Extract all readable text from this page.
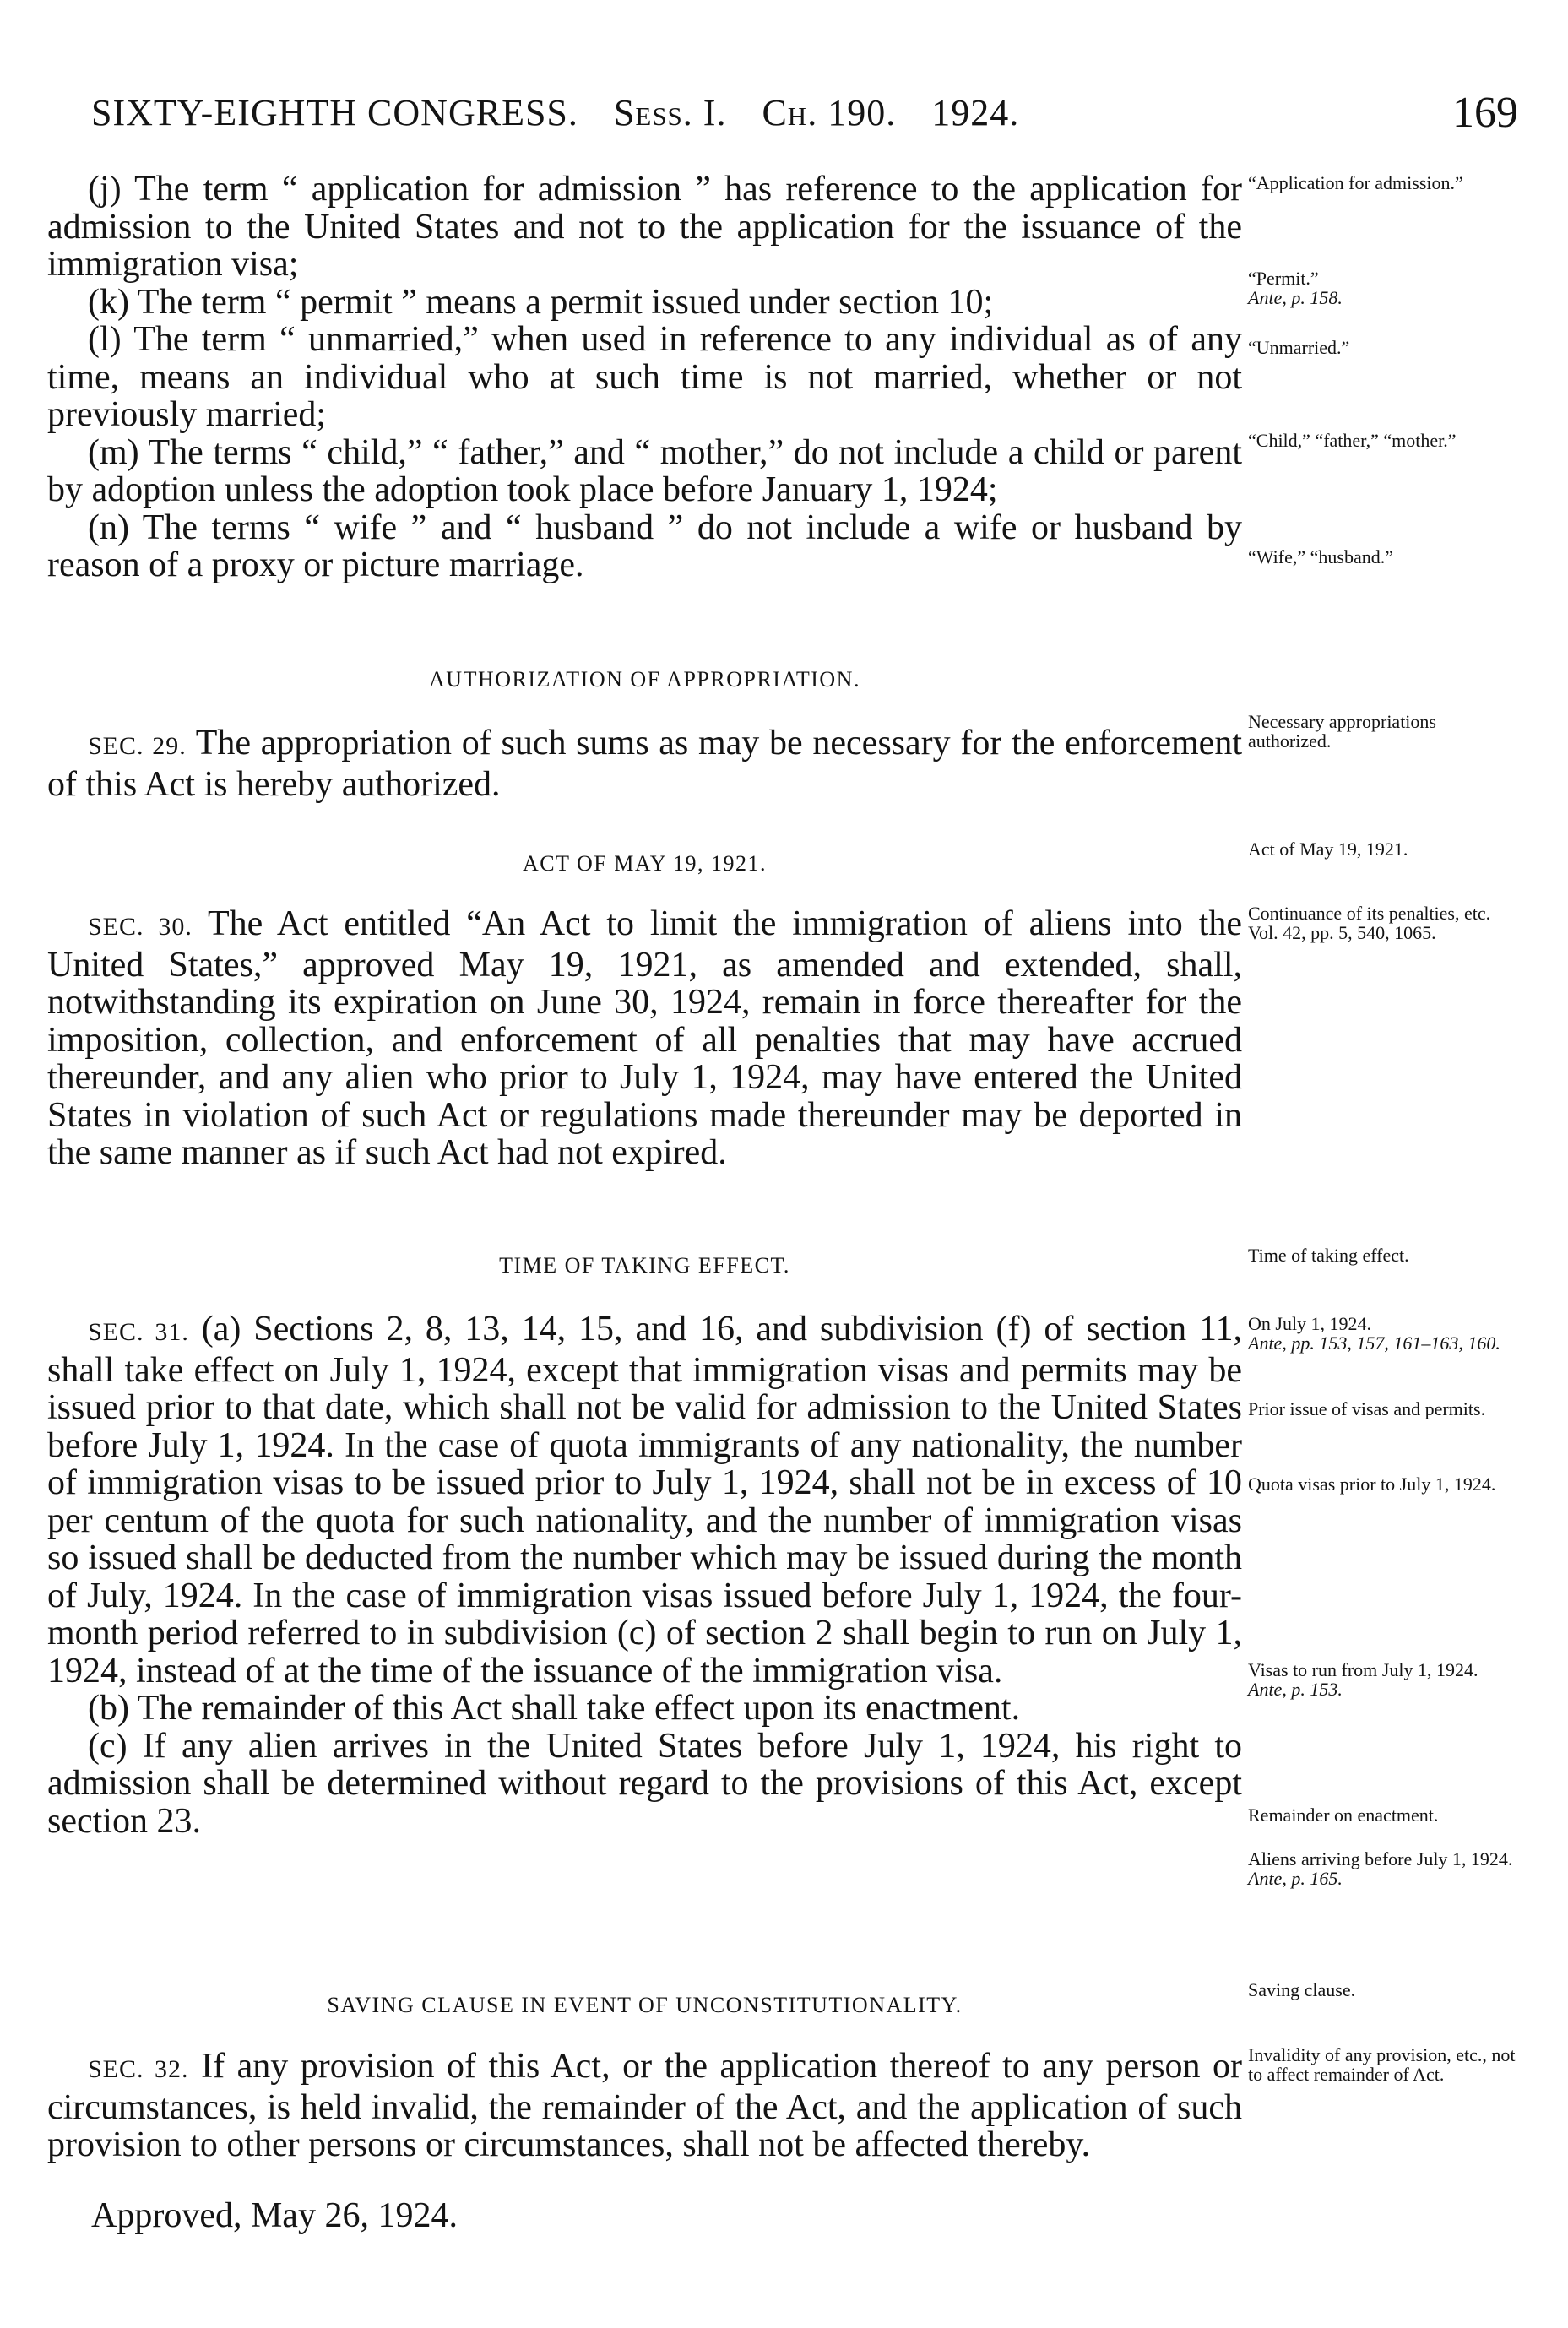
SIXTY-EIGHTH CONGRESS. Sess. I. Ch. 190. 1924.	169

(j) The term “ application for admission ” has reference to the application for admission to the United States and not to the application for the issuance of the immigration visa;

(k) The term “ permit ” means a permit issued under section 10;

(l) The term “ unmarried,” when used in reference to any individual as of any time, means an individual who at such time is not married, whether or not previously married;

(m) The terms “ child,” “ father,” and “ mother,” do not include a child or parent by adoption unless the adoption took place before January 1, 1924;

(n) The terms “ wife ” and “ husband ” do not include a wife or husband by reason of a proxy or picture marriage.

AUTHORIZATION OF APPROPRIATION.

SEC. 29. The appropriation of such sums as may be necessary for the enforcement of this Act is hereby authorized.

ACT OF MAY 19, 1921.

SEC. 30. The Act entitled “An Act to limit the immigration of aliens into the United States,” approved May 19, 1921, as amended and extended, shall, notwithstanding its expiration on June 30, 1924, remain in force thereafter for the imposition, collection, and enforcement of all penalties that may have accrued thereunder, and any alien who prior to July 1, 1924, may have entered the United States in violation of such Act or regulations made thereunder may be deported in the same manner as if such Act had not expired.

TIME OF TAKING EFFECT.

SEC. 31. (a) Sections 2, 8, 13, 14, 15, and 16, and subdivision (f) of section 11, shall take effect on July 1, 1924, except that immigration visas and permits may be issued prior to that date, which shall not be valid for admission to the United States before July 1, 1924. In the case of quota immigrants of any nationality, the number of immigration visas to be issued prior to July 1, 1924, shall not be in excess of 10 per centum of the quota for such nationality, and the number of immigration visas so issued shall be deducted from the number which may be issued during the month of July, 1924. In the case of immigration visas issued before July 1, 1924, the four-month period referred to in subdivision (c) of section 2 shall begin to run on July 1, 1924, instead of at the time of the issuance of the immigration visa.

(b) The remainder of this Act shall take effect upon its enactment.

(c) If any alien arrives in the United States before July 1, 1924, his right to admission shall be determined without regard to the provisions of this Act, except section 23.

SAVING CLAUSE IN EVENT OF UNCONSTITUTIONALITY.

SEC. 32. If any provision of this Act, or the application thereof to any person or circumstances, is held invalid, the remainder of the Act, and the application of such provision to other persons or circumstances, shall not be affected thereby.

Approved, May 26, 1924.
“Application for admission.”

“Permit.”

Ante, p. 158.

“Unmarried.”
“Child,” “father,” “mother.”
“Wife,” “husband.”
Necessary appropriations authorized.
Act of May 19, 1921.

Continuance of its penalties, etc.

Vol. 42, pp. 5, 540, 1065.

Time of taking effect.

On July 1, 1924.

Ante, pp. 153, 157, 161–163, 160.

Prior issue of visas and permits.
Quota visas prior to July 1, 1924.

Visas to run from July 1, 1924.

Ante, p. 153.

Remainder on enactment.

Aliens arriving before July 1, 1924.

Ante, p. 165.

Saving clause.
Invalidity of any provision, etc., not to affect remainder of Act.
